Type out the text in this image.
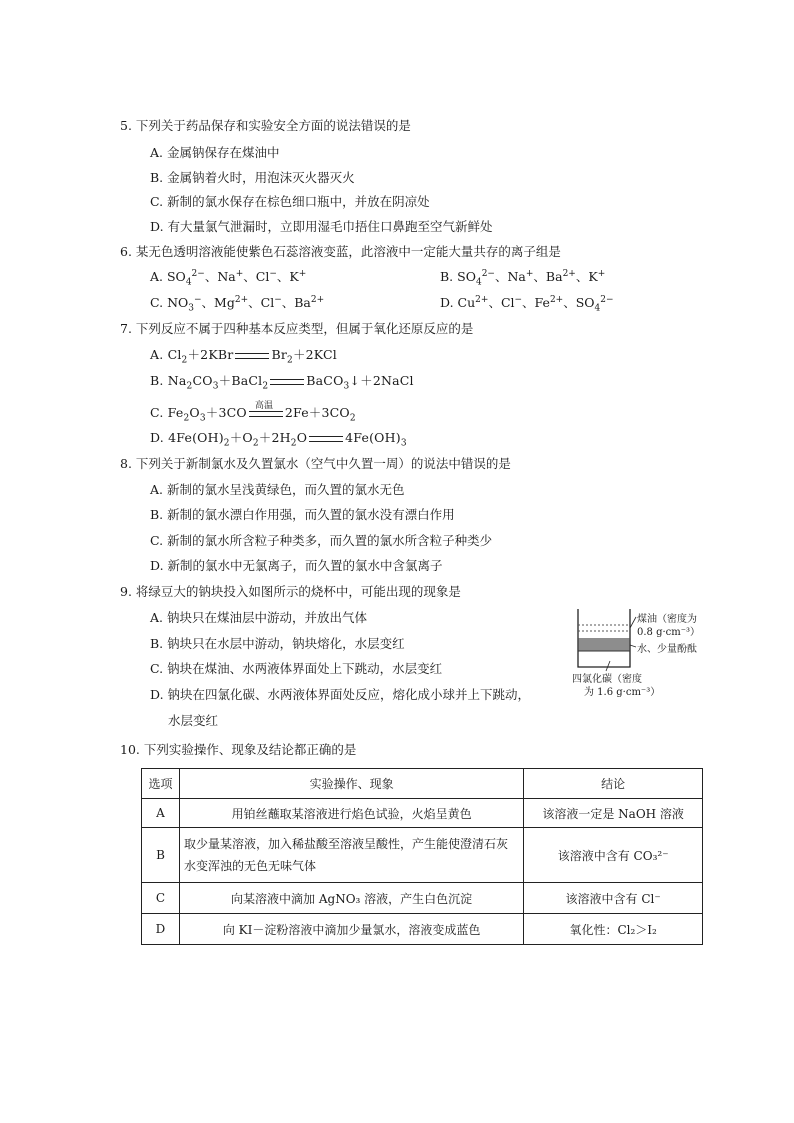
5. 下列关于药品保存和实验安全方面的说法错误的是
A. 金属钠保存在煤油中
B. 金属钠着火时，用泡沫灭火器灭火
C. 新制的氯水保存在棕色细口瓶中，并放在阴凉处
D. 有大量氯气泄漏时，立即用湿毛巾捂住口鼻跑至空气新鲜处
6. 某无色透明溶液能使紫色石蕊溶液变蓝，此溶液中一定能大量共存的离子组是
A. $SO_4^{2-}$、Na+、Cl−、K+	B. $SO_4^{2-}$、Na+、$Ba^{2+}$、K+
C. $NO_3^-$、$Mg^{2+}$、Cl−、$Ba^{2+}$	D. $Cu^{2+}$、Cl−、$Fe^{2+}$、$SO_4^{2-}$
7. 下列反应不属于四种基本反应类型，但属于氧化还原反应的是
A. $Cl_2+2KBr$	$Br_2+2KCl$
B. $Na_2CO_3+BaCl_2$	BaCO$_3$↓＋2NaCl
C. $Fe_2O_3+3CO$ 高温 $2Fe+3CO_2$
D. $4Fe(OH)_2+O_2+2H_2O$	$4Fe(OH)_3$
8. 下列关于新制氯水及久置氯水（空气中久置一周）的说法中错误的是
A. 新制的氯水呈浅黄绿色，而久置的氯水无色
B. 新制的氯水漂白作用强，而久置的氯水没有漂白作用
C. 新制的氯水所含粒子种类多，而久置的氯水所含粒子种类少
D. 新制的氯水中无氯离子，而久置的氯水中含氯离子
9. 将绿豆大的钠块投入如图所示的烧杯中，可能出现的现象是
A. 钠块只在煤油层中游动，并放出气体
B. 钠块只在水层中游动，钠块熔化，水层变红
C. 钠块在煤油、水两液体界面处上下跳动，水层变红
D. 钠块在四氯化碳、水两液体界面处反应，熔化成小球并上下跳动，
水层变红
煤油（密度为
0.8 g·cm⁻³）
水、少量酚酞
四氯化碳（密度
为 1.6 g·cm⁻³）
10. 下列实验操作、现象及结论都正确的是
选项	实验操作、现象	结论
A	用铂丝蘸取某溶液进行焰色试验，火焰呈黄色	该溶液一定是 NaOH 溶液
B	取少量某溶液，加入稀盐酸至溶液呈酸性，产生能使澄清石灰
水变浑浊的无色无味气体	该溶液中含有 CO₃²⁻
C	向某溶液中滴加 AgNO₃ 溶液，产生白色沉淀	该溶液中含有 Cl⁻
D	向 KI－淀粉溶液中滴加少量氯水，溶液变成蓝色	氧化性：Cl₂＞I₂
